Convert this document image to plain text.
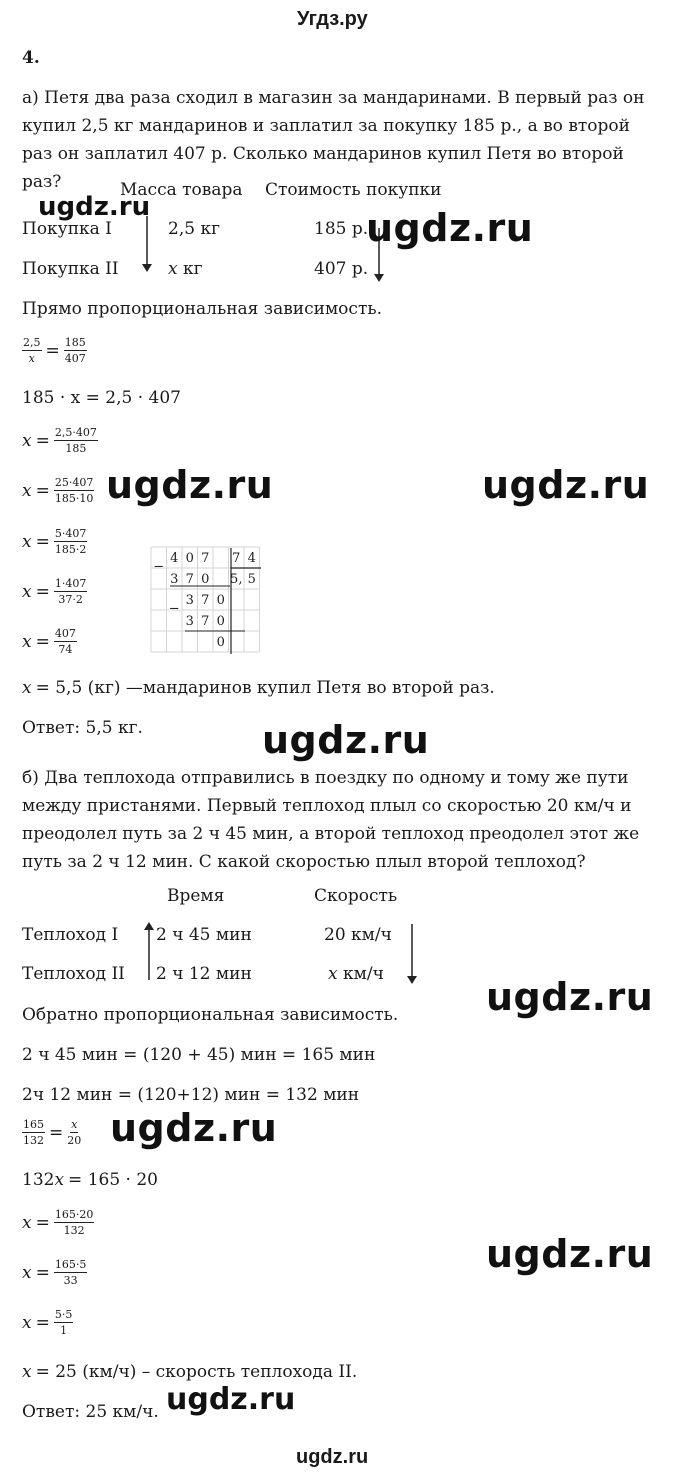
Угдз.ру
4.
а) Петя два раза сходил в магазин за мандаринами. В первый раз он купил 2,5 кг мандаринов и заплатил за покупку 185 р., а во второй раз он заплатил 407 р. Сколько мандаринов купил Петя во второй раз?	Масса товара Стоимость покупки
Покупка I	2,5 кг	185 р.
Покупка II	x кг	407 р.
Прямо пропорциональная зависимость.
$\frac{2,5}{x} = \frac{185}{407}$
185 · x = 2,5 · 407
$x = \frac{2,5\cdot 407}{185}$
$x = \frac{25\cdot 407}{185\cdot 10}$
$x = \frac{5\cdot 407}{185\cdot 2}$
$x = \frac{1\cdot 407}{37\cdot 2}$
$x = \frac{407}{74}$
−
4 0 7 7 4
3 7 0 5, 5
−
3 7 0
3 7 0
0
x = 5,5 (кг) —мандаринов купил Петя во второй раз.
Ответ: 5,5 кг.
б) Два теплохода отправились в поездку по одному и тому же пути между пристанями. Первый теплоход плыл со скоростью 20 км/ч и преодолел путь за 2 ч 45 мин, а второй теплоход преодолел этот же путь за 2 ч 12 мин. С какой скоростью плыл второй теплоход?
Время	Скорость
Теплоход I 2 ч 45 мин	20 км/ч
Теплоход II 2 ч 12 мин	x км/ч
Обратно пропорциональная зависимость.
2 ч 45 мин = (120 + 45) мин = 165 мин
2ч 12 мин = (120+12) мин = 132 мин
$\frac{165}{132} = \frac{x}{20}$
132 x = 165 · 20
$x = \frac{165\cdot 20}{132}$
$x = \frac{165\cdot 5}{33}$
$x = \frac{5\cdot 5}{1}$
x = 25 (км/ч) – скорость теплохода II.
Ответ: 25 км/ч.
ugdz.ru	ugdz.ru
ugdz.ru	ugdz.ru
ugdz.ru
ugdz.ru
ugdz.ru
ugdz.ru
ugdz.ru
ugdz.ru
